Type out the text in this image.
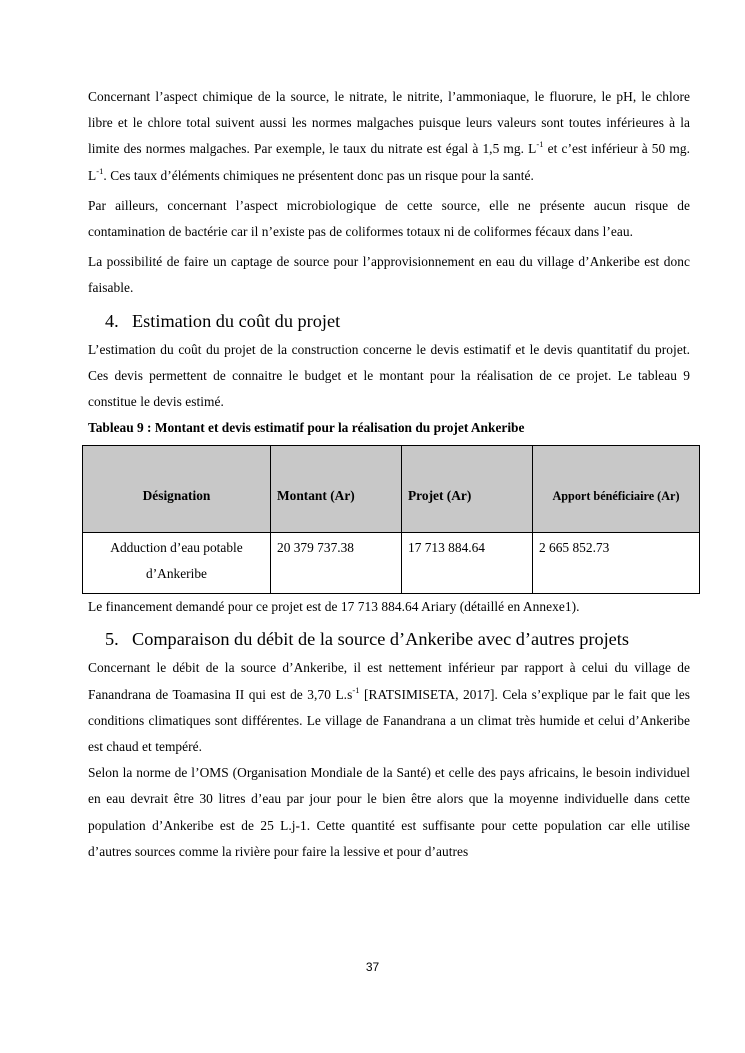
Concernant l’aspect chimique de la source, le nitrate, le nitrite, l’ammoniaque, le fluorure, le pH, le chlore libre et le chlore total suivent aussi les normes malgaches puisque leurs valeurs sont toutes inférieures à la limite des normes malgaches. Par exemple, le taux du nitrate est égal à 1,5 mg. $L^{-1}$ et c’est inférieur à 50 mg. $L^{-1}$. Ces taux d’éléments chimiques ne présentent donc pas un risque pour la santé.

Par ailleurs, concernant l’aspect microbiologique de cette source, elle ne présente aucun risque de contamination de bactérie car il n’existe pas de coliformes totaux ni de coliformes fécaux dans l’eau.

La possibilité de faire un captage de source pour l’approvisionnement en eau du village d’Ankeribe est donc faisable.

4. Estimation du coût du projet

L’estimation du coût du projet de la construction concerne le devis estimatif et le devis quantitatif du projet. Ces devis permettent de connaitre le budget et le montant pour la réalisation de ce projet. Le tableau 9 constitue le devis estimé.

Tableau 9 : Montant et devis estimatif pour la réalisation du projet Ankeribe

Désignation	Montant (Ar)	Projet (Ar)	Apport bénéficiaire (Ar)
Adduction d’eau potable
d’Ankeribe	20 379 737.38	17 713 884.64	2 665 852.73

Le financement demandé pour ce projet est de 17 713 884.64 Ariary (détaillé en Annexe1).

5. Comparaison du débit de la source d’Ankeribe avec d’autres projets

Concernant le débit de la source d’Ankeribe, il est nettement inférieur par rapport à celui du village de Fanandrana de Toamasina II qui est de 3,70 $L.s^{-1}$ [RATSIMISETA, 2017]. Cela s’explique par le fait que les conditions climatiques sont différentes. Le village de Fanandrana a un climat très humide et celui d’Ankeribe est chaud et tempéré.

Selon la norme de l’OMS (Organisation Mondiale de la Santé) et celle des pays africains, le besoin individuel en eau devrait être 30 litres d’eau par jour pour le bien être alors que la moyenne individuelle dans cette population d’Ankeribe est de 25 L.j-1. Cette quantité est suffisante pour cette population car elle utilise d’autres sources comme la rivière pour faire la lessive et pour d’autres

37
